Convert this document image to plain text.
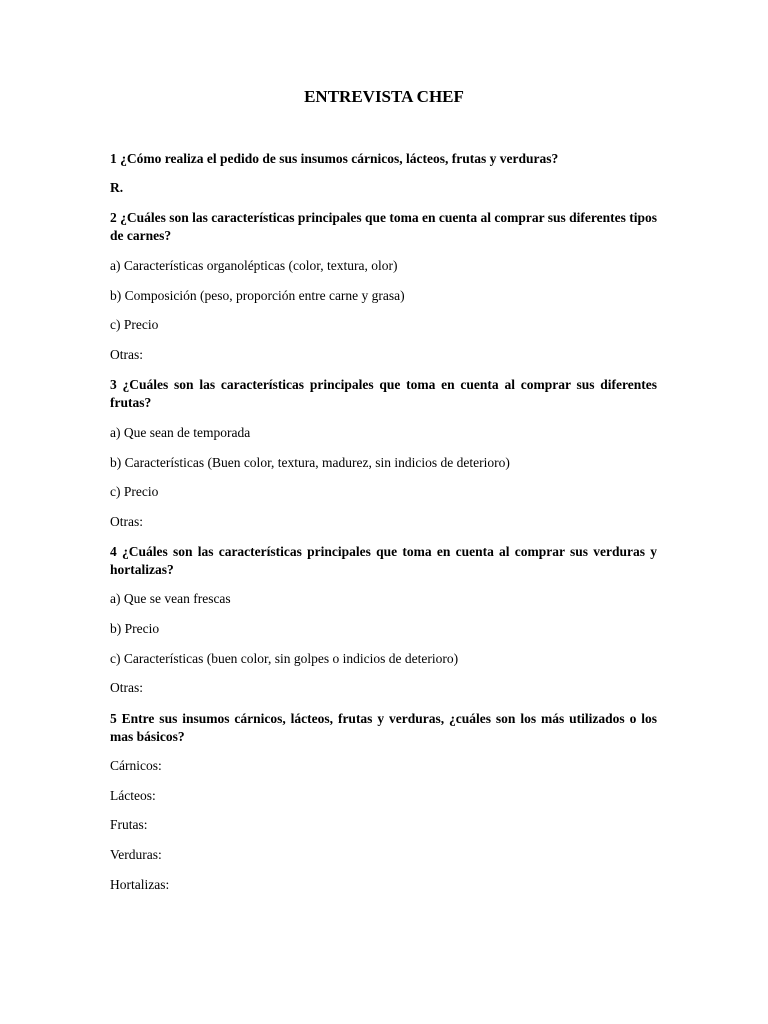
ENTREVISTA CHEF

1 ¿Cómo realiza el pedido de sus insumos cárnicos, lácteos, frutas y verduras?

R.

2 ¿Cuáles son las características principales que toma en cuenta al comprar sus diferentes tipos de carnes?

a) Características organolépticas (color, textura, olor)

b) Composición (peso, proporción entre carne y grasa)

c) Precio

Otras:

3 ¿Cuáles son las características principales que toma en cuenta al comprar sus diferentes frutas?

a) Que sean de temporada

b) Características (Buen color, textura, madurez, sin indicios de deterioro)

c) Precio

Otras:

4 ¿Cuáles son las características principales que toma en cuenta al comprar sus verduras y hortalizas?

a) Que se vean frescas

b) Precio

c) Características (buen color, sin golpes o indicios de deterioro)

Otras:

5 Entre sus insumos cárnicos, lácteos, frutas y verduras, ¿cuáles son los más utilizados o los mas básicos?

Cárnicos:

Lácteos:

Frutas:

Verduras:

Hortalizas:
